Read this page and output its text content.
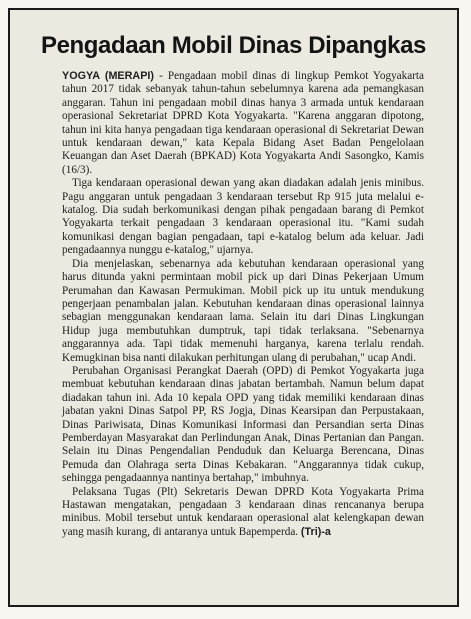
Pengadaan Mobil Dinas Dipangkas

YOGYA (MERAPI) - Pengadaan mobil dinas di lingkup Pemkot Yogyakarta tahun 2017 tidak sebanyak tahun-tahun sebelumnya karena ada pemangkasan anggaran. Tahun ini pengadaan mobil dinas hanya 3 armada untuk kendaraan operasional Sekretariat DPRD Kota Yogyakarta. "Karena anggaran dipotong, tahun ini kita hanya pengadaan tiga kendaraan operasional di Sekretariat Dewan untuk kendaraan dewan," kata Kepala Bidang Aset Badan Pengelolaan Keuangan dan Aset Daerah (BPKAD) Kota Yogyakarta Andi Sasongko, Kamis (16/3).

Tiga kendaraan operasional dewan yang akan diadakan adalah jenis minibus. Pagu anggaran untuk pengadaan 3 kendaraan tersebut Rp 915 juta melalui e-katalog. Dia sudah berkomunikasi dengan pihak pengadaan barang di Pemkot Yogyakarta terkait pengadaan 3 kendaraan operasional itu. "Kami sudah komunikasi dengan bagian pengadaan, tapi e-katalog belum ada keluar. Jadi pengadaannya nunggu e-katalog," ujarnya.

Dia menjelaskan, sebenarnya ada kebutuhan kendaraan operasional yang harus ditunda yakni permintaan mobil pick up dari Dinas Pekerjaan Umum Perumahan dan Kawasan Permukiman. Mobil pick up itu untuk mendukung pengerjaan penambalan jalan. Kebutuhan kendaraan dinas operasional lainnya sebagian menggunakan kendaraan lama. Selain itu dari Dinas Lingkungan Hidup juga membutuhkan dumptruk, tapi tidak terlaksana. "Sebenarnya anggarannya ada. Tapi tidak memenuhi harganya, karena terlalu rendah. Kemugkinan bisa nanti dilakukan perhitungan ulang di perubahan," ucap Andi.

Perubahan Organisasi Perangkat Daerah (OPD) di Pemkot Yogyakarta juga membuat kebutuhan kendaraan dinas jabatan bertambah. Namun belum dapat diadakan tahun ini. Ada 10 kepala OPD yang tidak memiliki kendaraan dinas jabatan yakni Dinas Satpol PP, RS Jogja, Dinas Kearsipan dan Perpustakaan, Dinas Pariwisata, Dinas Komunikasi Informasi dan Persandian serta Dinas Pemberdayan Masyarakat dan Perlindungan Anak, Dinas Pertanian dan Pangan. Selain itu Dinas Pengendalian Penduduk dan Keluarga Berencana, Dinas Pemuda dan Olahraga serta Dinas Kebakaran. "Anggarannya tidak cukup, sehingga pengadaannya nantinya bertahap," imbuhnya.

Pelaksana Tugas (Plt) Sekretaris Dewan DPRD Kota Yogyakarta Prima Hastawan mengatakan, pengadaan 3 kendaraan dinas rencananya berupa minibus. Mobil tersebut untuk kendaraan operasional alat kelengkapan dewan yang masih kurang, di antaranya untuk Bapemperda. (Tri)-a
